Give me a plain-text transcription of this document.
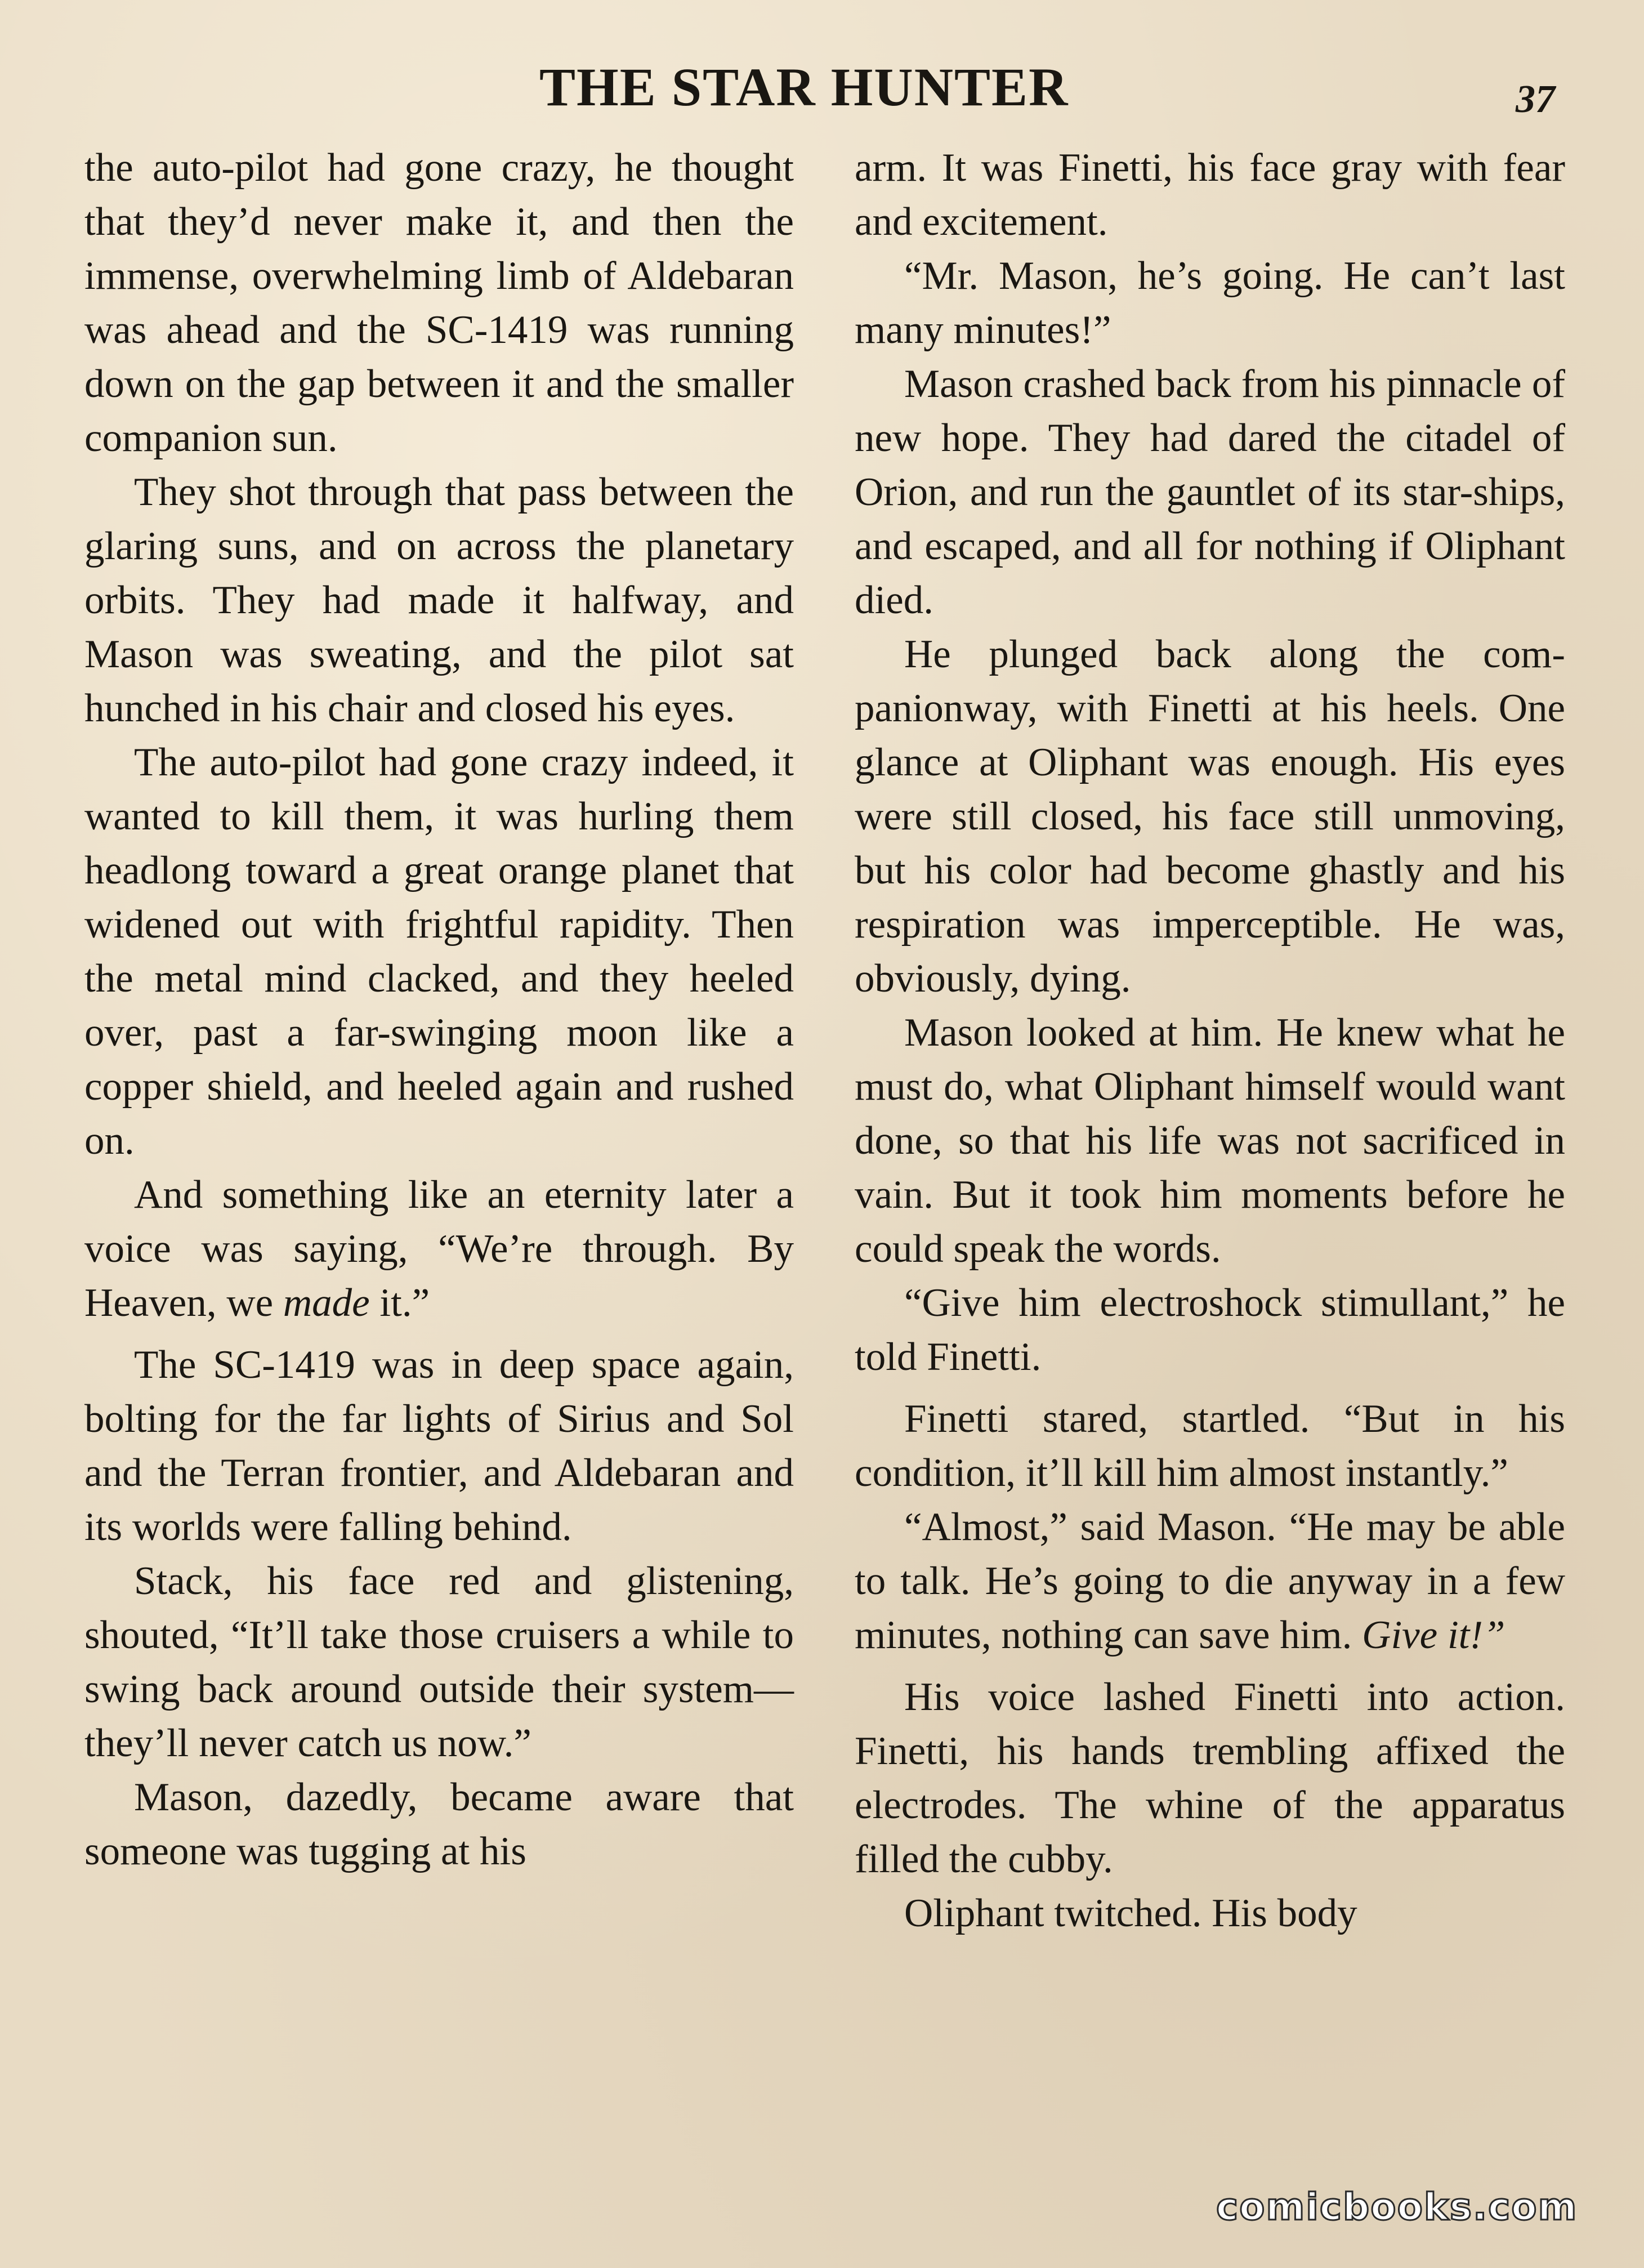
THE STAR HUNTER	37

the auto-pilot had gone crazy, he thought that they’d never make it, and then the immense, overwhelming limb of Aldebaran was ahead and the SC-1419 was running down on the gap between it and the smaller companion sun.

They shot through that pass between the glaring suns, and on across the planetary orbits. They had made it halfway, and Mason was sweating, and the pilot sat hunched in his chair and closed his eyes.

The auto-pilot had gone crazy indeed, it wanted to kill them, it was hurling them headlong toward a great orange planet that widened out with frightful rapidity. Then the metal mind clacked, and they heeled over, past a far-swinging moon like a copper shield, and heeled again and rushed on.

And something like an eternity later a voice was saying, “We’re through. By Heaven, we made it.”

The SC-1419 was in deep space again, bolting for the far lights of Sirius and Sol and the Terran frontier, and Aldebaran and its worlds were falling behind.

Stack, his face red and glistening, shouted, “It’ll take those cruisers a while to swing back around outside their system—they’ll never catch us now.”

Mason, dazedly, became aware that someone was tugging at his

arm. It was Finetti, his face gray with fear and excitement.

“Mr. Mason, he’s going. He can’t last many minutes!”

Mason crashed back from his pinnacle of new hope. They had dared the citadel of Orion, and run the gauntlet of its star-ships, and escaped, and all for nothing if Oliphant died.

He plunged back along the companionway, with Finetti at his heels. One glance at Oliphant was enough. His eyes were still closed, his face still unmoving, but his color had become ghastly and his respiration was imperceptible. He was, obviously, dying.

Mason looked at him. He knew what he must do, what Oliphant himself would want done, so that his life was not sacrificed in vain. But it took him moments before he could speak the words.

“Give him electroshock stimullant,” he told Finetti.

Finetti stared, startled. “But in his condition, it’ll kill him almost instantly.”

“Almost,” said Mason. “He may be able to talk. He’s going to die anyway in a few minutes, nothing can save him. Give it!”

His voice lashed Finetti into action. Finetti, his hands trembling affixed the electrodes. The whine of the apparatus filled the cubby.

Oliphant twitched. His body

comicbooks.com
